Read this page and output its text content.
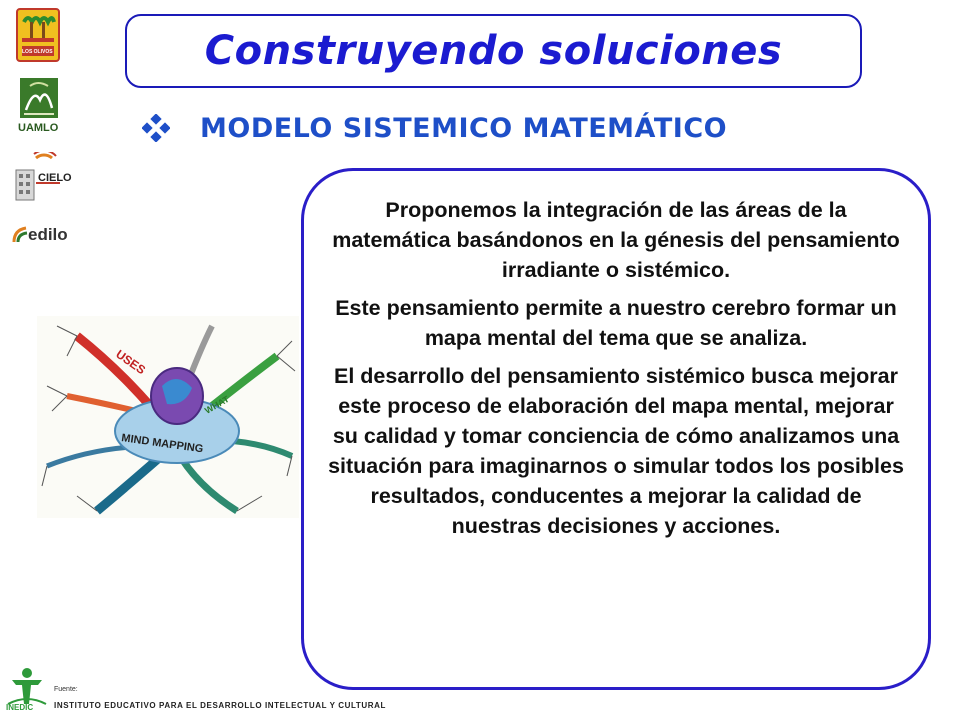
LOS OLIVOS
UAMLO
CIELO
edilo
Construyendo soluciones
MODELO SISTEMICO MATEMÁTICO
MIND MAPPING
USES
WHAT

Proponemos la integración de las áreas de la matemática basándonos en la génesis del pensamiento irradiante o sistémico.

Este pensamiento permite a nuestro cerebro formar un mapa mental del tema que se analiza.

El desarrollo del pensamiento sistémico busca mejorar este proceso de elaboración del mapa mental, mejorar su calidad y tomar conciencia de cómo analizamos una situación para imaginarnos o simular todos los posibles resultados, conducentes a mejorar la calidad de nuestras decisiones y acciones.

INEDIC
Fuente:
INSTITUTO EDUCATIVO PARA EL DESARROLLO INTELECTUAL Y CULTURAL
